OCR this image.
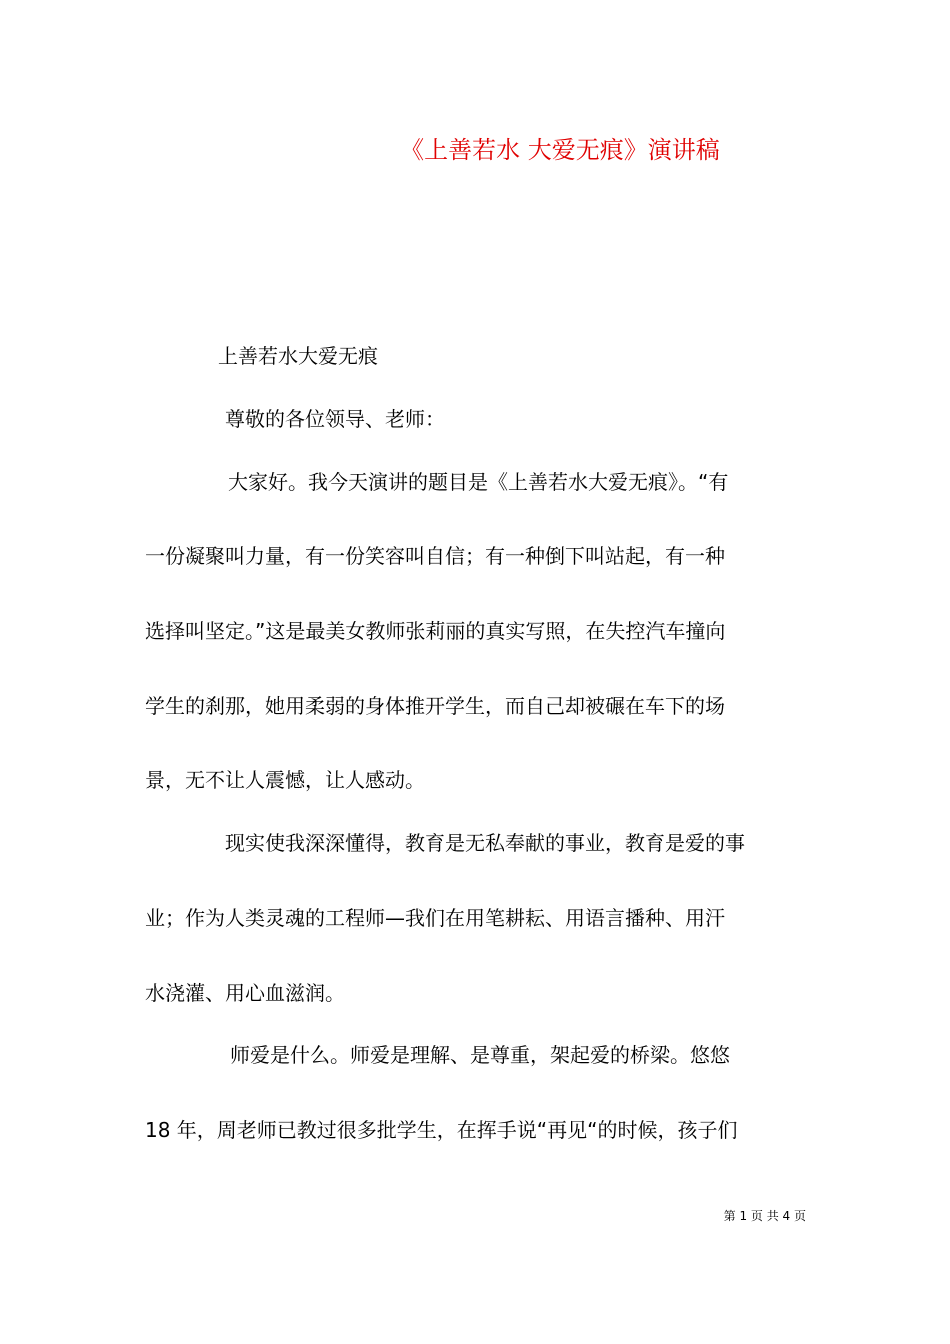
《上善若水 大爱无痕》演讲稿
上善若水大爱无痕
尊敬的各位领导、老师：
大家好。我今天演讲的题目是《上善若水大爱无痕》。“有
一份凝聚叫力量，有一份笑容叫自信；有一种倒下叫站起，有一种
选择叫坚定。”这是最美女教师张莉丽的真实写照，在失控汽车撞向
学生的刹那，她用柔弱的身体推开学生，而自己却被碾在车下的场
景，无不让人震憾，让人感动。
现实使我深深懂得，教育是无私奉献的事业，教育是爱的事
业；作为人类灵魂的工程师—我们在用笔耕耘、用语言播种、用汗
水浇灌、用心血滋润。
师爱是什么。师爱是理解、是尊重，架起爱的桥梁。悠悠
18 年，周老师已教过很多批学生，在挥手说“再见“的时候，孩子们
第 1 页 共 4 页
